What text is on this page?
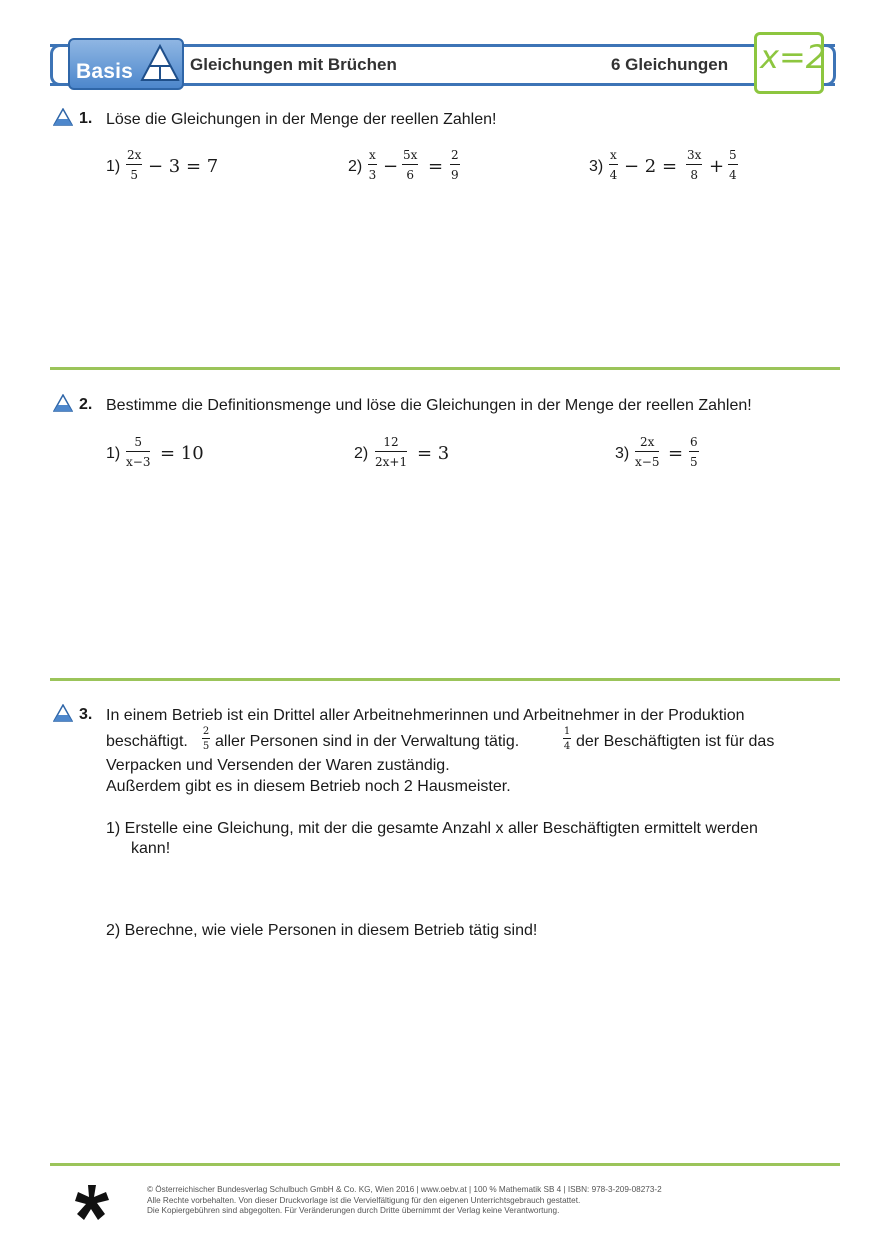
Basis	Gleichungen mit Brüchen	6 Gleichungen x=2
1. Löse die Gleichungen in der Menge der reellen Zahlen!
1)
2x
5 − 3 = 7	2)
x
3 −
5x
6 =
2
9	3)
x
4 − 2 =
3x
8 +
5
4
2. Bestimme die Definitionsmenge und löse die Gleichungen in der Menge der reellen Zahlen!
1)
5
x−3 = 10	2)
12
2x+1 = 3	3)
2x
x−5 =
6
5
3. In einem Betrieb ist ein Drittel aller Arbeitnehmerinnen und Arbeitnehmer in der Produktion
beschäftigt.
2
5 aller Personen sind in der Verwaltung tätig.
1
4 der Beschäftigten ist für das
Verpacken und Versenden der Waren zuständig.
Außerdem gibt es in diesem Betrieb noch 2 Hausmeister.
1) Erstelle eine Gleichung, mit der die gesamte Anzahl x aller Beschäftigten ermittelt werden
kann!
2) Berechne, wie viele Personen in diesem Betrieb tätig sind!
© Österreichischer Bundesverlag Schulbuch GmbH & Co. KG, Wien 2016 | www.oebv.at | 100 % Mathematik SB 4 | ISBN: 978-3-209-08273-2
Alle Rechte vorbehalten. Von dieser Druckvorlage ist die Vervielfältigung für den eigenen Unterrichtsgebrauch gestattet.
Die Kopiergebühren sind abgegolten. Für Veränderungen durch Dritte übernimmt der Verlag keine Verantwortung.
